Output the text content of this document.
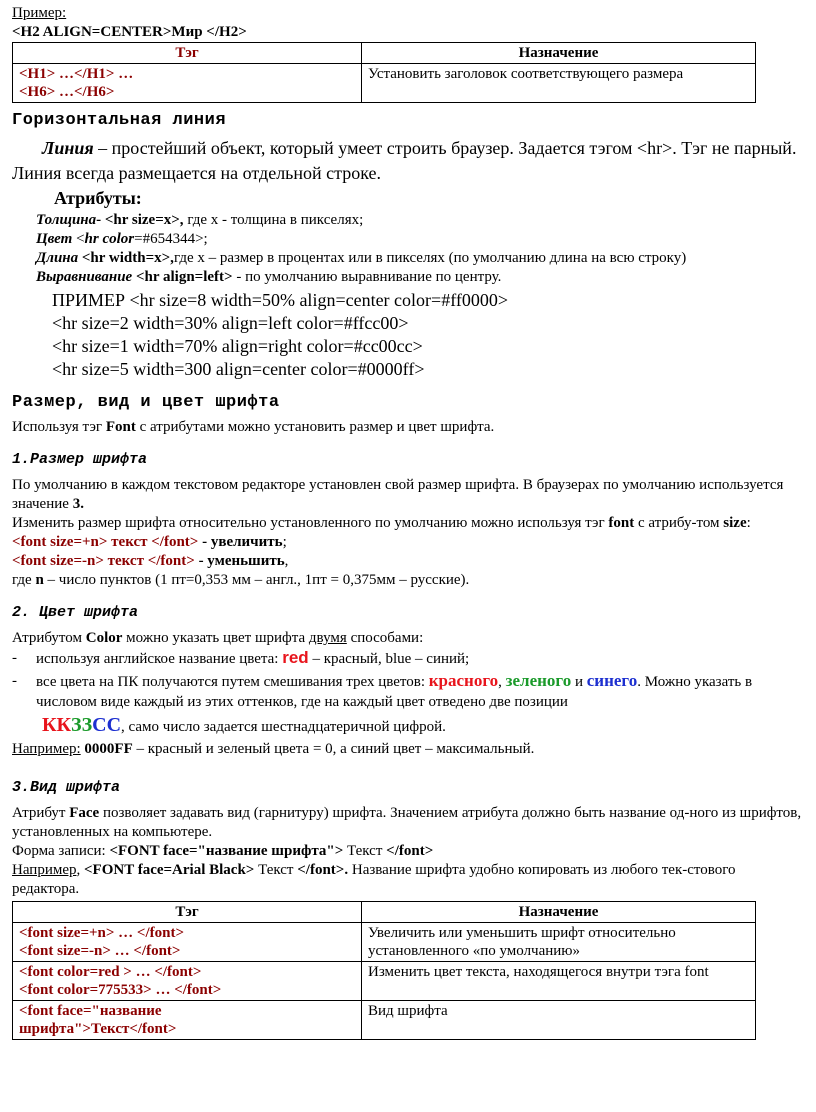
Пример:

<H2 ALIGN=CENTER>Мир </H2>

Тэг	Назначение

<H1> …</H1> …
<H6> …</H6>	Установить заголовок соответствующего размера
Горизонтальная линия

Линия – простейший объект, который умеет строить браузер. Задается тэгом <hr>. Тэг не парный. Линия всегда размещается на отдельной строке.

Атрибуты:

Толщина- <hr size=x>, где x - толщина в пикселях;

Цвет <hr color=#654344>;

Длина <hr width=x>,где x – размер в процентах или в пикселях (по умолчанию длина на всю строку)

Выравнивание <hr align=left> - по умолчанию выравнивание по центру.

ПРИМЕР <hr size=8 width=50% align=center color=#ff0000>
<hr size=2 width=30% align=left color=#ffcc00>
<hr size=1 width=70% align=right color=#cc00cc>
<hr size=5 width=300 align=center color=#0000ff>
Размер, вид и цвет шрифта

Используя тэг Font с атрибутами можно установить размер и цвет шрифта.

1.Размер шрифта

По умолчанию в каждом текстовом редакторе установлен свой размер шрифта. В браузерах по умолчанию используется значение 3.

Изменить размер шрифта относительно установленного по умолчанию можно используя тэг font с атрибу-том size:

<font size=+n> текст </font> - увеличить;

<font size=-n> текст </font> - уменьшить,

где n – число пунктов (1 пт=0,353 мм – англ., 1пт = 0,375мм – русские).

2. Цвет шрифта

Атрибутом Color можно указать цвет шрифта двумя способами:

- используя английское название цвета: red – красный, blue – синий;

- все цвета на ПК получаются путем смешивания трех цветов: красного, зеленого и синего. Можно указать в числовом виде каждый из этих оттенков, где на каждый цвет отведено две позиции
ККЗЗСС, само число задается шестнадцатеричной цифрой.

Например: 0000FF – красный и зеленый цвета = 0, а синий цвет – максимальный.

3.Вид шрифта

Атрибут Face позволяет задавать вид (гарнитуру) шрифта. Значением атрибута должно быть название од-ного из шрифтов, установленных на компьютере.

Форма записи: <FONT face="название шрифта"> Текст </font>

Например, <FONT face=Arial Black> Текст </font>. Название шрифта удобно копировать из любого тек-стового редактора.

Тэг	Назначение

<font size=+n> … </font>
<font size=-n> … </font>	Увеличить или уменьшить шрифт относительно установленного «по умолчанию»

<font color=red > … </font>
<font color=775533> … </font>	Изменить цвет текста, находящегося внутри тэга font

<font face="название
шрифта">Текст</font>	Вид шрифта
